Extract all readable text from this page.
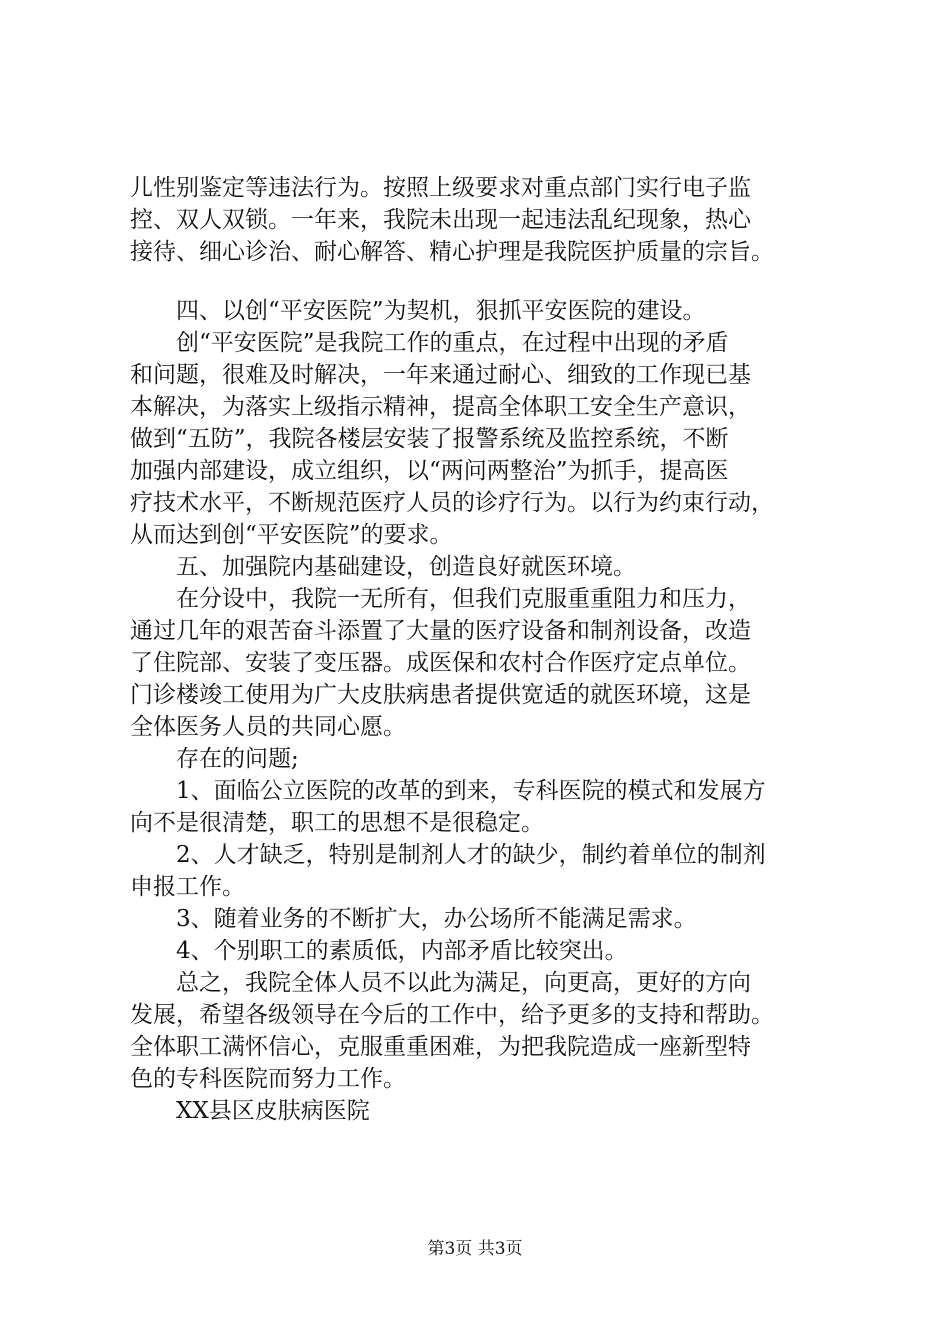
儿性别鉴定等违法行为。按照上级要求对重点部门实行电子监
控、双人双锁。一年来，我院未出现一起违法乱纪现象，热心
接待、细心诊治、耐心解答、精心护理是我院医护质量的宗旨。
四、以创“平安医院”为契机，狠抓平安医院的建设。
创“平安医院”是我院工作的重点，在过程中出现的矛盾
和问题，很难及时解决，一年来通过耐心、细致的工作现已基
本解决，为落实上级指示精神，提高全体职工安全生产意识，
做到“五防”，我院各楼层安装了报警系统及监控系统，不断
加强内部建设，成立组织，以“两问两整治”为抓手，提高医
疗技术水平，不断规范医疗人员的诊疗行为。以行为约束行动，
从而达到创“平安医院”的要求。
五、加强院内基础建设，创造良好就医环境。
在分设中，我院一无所有，但我们克服重重阻力和压力，
通过几年的艰苦奋斗添置了大量的医疗设备和制剂设备，改造
了住院部、安装了变压器。成医保和农村合作医疗定点单位。
门诊楼竣工使用为广大皮肤病患者提供宽适的就医环境，这是
全体医务人员的共同心愿。
存在的问题;
1、面临公立医院的改革的到来，专科医院的模式和发展方
向不是很清楚，职工的思想不是很稳定。
2、人才缺乏，特别是制剂人才的缺少，制约着单位的制剂
申报工作。
3、随着业务的不断扩大，办公场所不能满足需求。
4、个别职工的素质低，内部矛盾比较突出。
总之，我院全体人员不以此为满足，向更高，更好的方向
发展，希望各级领导在今后的工作中，给予更多的支持和帮助。
全体职工满怀信心，克服重重困难，为把我院造成一座新型特
色的专科医院而努力工作。
XX县区皮肤病医院
第3页 共3页
